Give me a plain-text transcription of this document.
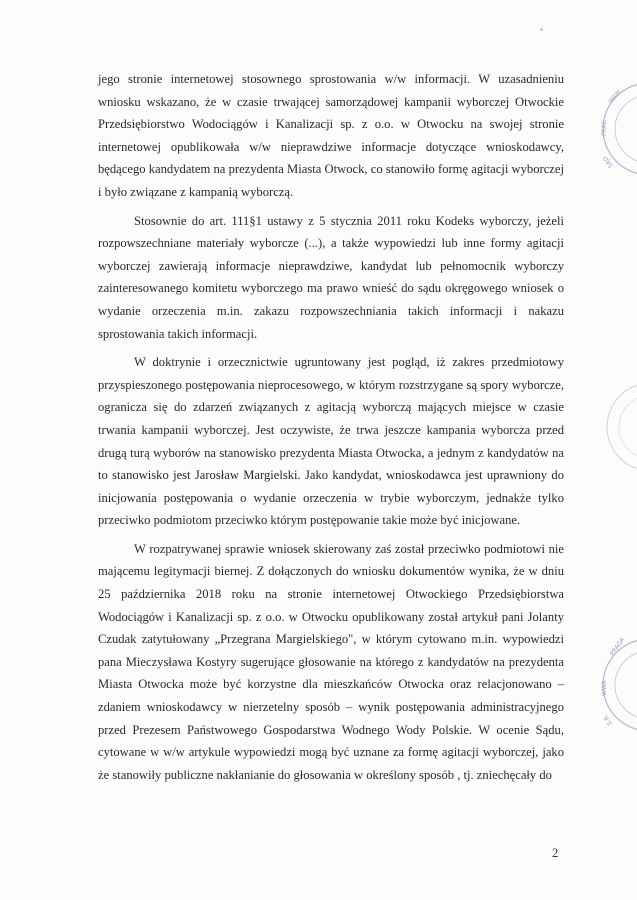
jego stronie internetowej stosownego sprostowania w/w informacji. W uzasadnieniu wniosku wskazano, że w czasie trwającej samorządowej kampanii wyborczej Otwockie Przedsiębiorstwo Wodociągów i Kanalizacji sp. z o.o. w Otwocku na swojej stronie internetowej opublikowała w/w nieprawdziwe informacje dotyczące wnioskodawcy, będącego kandydatem na prezydenta Miasta Otwock, co stanowiło formę agitacji wyborczej i było związane z kampanią wyborczą.

Stosownie do art. 111§1 ustawy z 5 stycznia 2011 roku Kodeks wyborczy, jeżeli rozpowszechniane materiały wyborcze (...), a także wypowiedzi lub inne formy agitacji wyborczej zawierają informacje nieprawdziwe, kandydat lub pełnomocnik wyborczy zainteresowanego komitetu wyborczego ma prawo wnieść do sądu okręgowego wniosek o wydanie orzeczenia m.in. zakazu rozpowszechniania takich informacji i nakazu sprostowania takich informacji.

W doktrynie i orzecznictwie ugruntowany jest pogląd, iż zakres przedmiotowy przyspieszonego postępowania nieprocesowego, w którym rozstrzygane są spory wyborcze, ogranicza się do zdarzeń związanych z agitacją wyborczą mających miejsce w czasie trwania kampanii wyborczej. Jest oczywiste, że trwa jeszcze kampania wyborcza przed drugą turą wyborów na stanowisko prezydenta Miasta Otwocka, a jednym z kandydatów na to stanowisko jest Jarosław Margielski. Jako kandydat, wnioskodawca jest uprawniony do inicjowania postępowania o wydanie orzeczenia w trybie wyborczym, jednakże tylko przeciwko podmiotom przeciwko którym postępowanie takie może być inicjowane.

W rozpatrywanej sprawie wniosek skierowany zaś został przeciwko podmiotowi nie mającemu legitymacji biernej. Z dołączonych do wniosku dokumentów wynika, że w dniu 25 października 2018 roku na stronie internetowej Otwockiego Przedsiębiorstwa Wodociągów i Kanalizacji sp. z o.o. w Otwocku opublikowany został artykuł pani Jolanty Czudak zatytułowany „Przegrana Margielskiego", w którym cytowano m.in. wypowiedzi pana Mieczysława Kostyry sugerujące głosowanie na którego z kandydatów na prezydenta Miasta Otwocka może być korzystne dla mieszkańców Otwocka oraz relacjonowano – zdaniem wnioskodawcy w nierzetelny sposób – wynik postępowania administracyjnego przed Prezesem Państwowego Gospodarstwa Wodnego Wody Polskie. W ocenie Sądu, cytowane w w/w artykule wypowiedzi mogą być uznane za formę agitacji wyborczej, jako że stanowiły publiczne nakłanianie do głosowania w określony sposób , tj. zniechęcały do

2
WAW
PRAG
SĄD
PRAGA
WWA
S.R.
